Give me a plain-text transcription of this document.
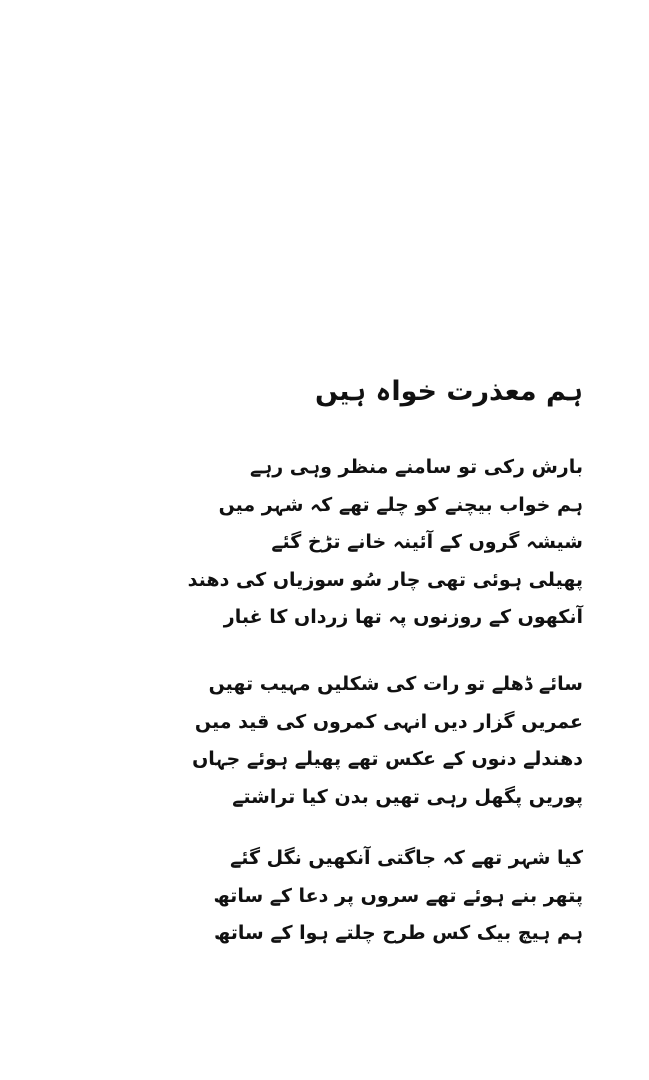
ہم معذرت خواہ ہیں
بارش رکی تو سامنے منظر وہی رہے
ہم خواب بیچنے کو چلے تھے کہ شہر میں
شیشہ گروں کے آئینہ خانے تڑخ گئے
پھیلی ہوئی تھی چار سُو سوزیاں کی دھند
آنکھوں کے روزنوں پہ تھا زرداں کا غبار
سائے ڈھلے تو رات کی شکلیں مہیب تھیں
عمریں گزار دیں انہی کمروں کی قید میں
دھندلے دنوں کے عکس تھے پھیلے ہوئے جہاں
پوریں پگھل رہی تھیں بدن کیا تراشتے
کیا شہر تھے کہ جاگتی آنکھیں نگل گئے
پتھر بنے ہوئے تھے سروں پر دعا کے ساتھ
ہم ہیچ بیک کس طرح چلتے ہوا کے ساتھ
